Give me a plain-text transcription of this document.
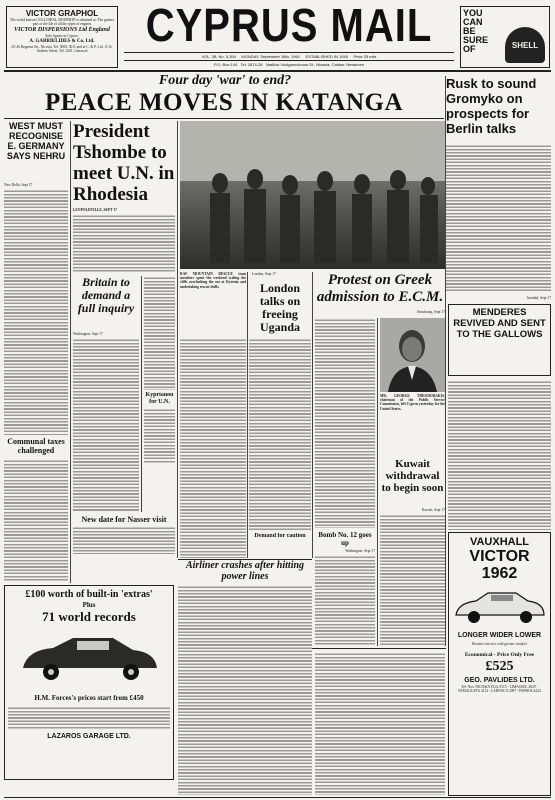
VICTOR GRAPHOL
The world known COLLOIDAL GRAPHITE is obtained at: The greater part of the life of all the types of engines
VICTOR DISPERSIONS Ltd England
Sole Agents in Cyprus:
A. GABRIELIDES & Co. Ltd.
25-26 Regaena Str., Nicosia, Tel. 3000, 3011 and at C. & P. Ltd. 11 St. Andrew Street, Tel. 3201, Limassol	CYPRUS MAIL
VOL. 38, No. 5,394     MONDAY, September 18th, 1961     ESTABLISHED IN 1945     Price 25 mils
P.O. Box 144   Tel: 2874-28   Vasilios Voulgaroctonos St., Nicosia, Cables: Newsmen
YOU
CAN
BE
SURE
OF	SHELL
Four day 'war' to end?
PEACE MOVES IN KATANGA
Rusk to sound Gromyko on prospects for Berlin talks
WEST MUST RECOGNISE E. GERMANY SAYS NEHRU
New Delhi, Sept 17
Communal taxes challenged
President Tshombe to meet U.N. in Rhodesia
LEOPOLDVILLE, SEPT 17
Britain to demand a full inquiry
Washington, Sept 17
Kyprianou for U.N.
New date for Nasser visit
RAF MOUNTAIN RESCUE team members spent the weekend scaling the cliffs overlooking the sea at Kyrenia and undertaking rescue drills.
London, Sept 17
London talks on freeing Uganda
Demand for caution
Protest on Greek admission to E.C.M.
Strasbourg, Sept 17
MR. GEORGE THEODORAKIS, chairman of the Public Service Commission, left Cyprus yesterday for the United States.
Kuwait withdrawal to begin soon
Kuwait, Sept 17
Bomb No. 12 goes up
Washington, Sept 17
Istanbul, Sept 17
MENDERES REVIVED AND SENT TO THE GALLOWS
£100 worth of built-in 'extras'
Plus
71 world records
H.M. Forces's prices start from £450
LAZAROS GARAGE LTD.
Airliner crashes after hitting power lines
VAUXHALL
VICTOR
1962
LONGER WIDER LOWER
Roomier interior with greater comfort
Economical - Price Only Free
£525
GEO. PAVLIDES LTD.
Tel. Nos: NICOSIA 8114, 8115 - LIMASSOL 2829 - FAMAGUSTA 4114 - LARNACA 2097 - PAPHOS 2424
